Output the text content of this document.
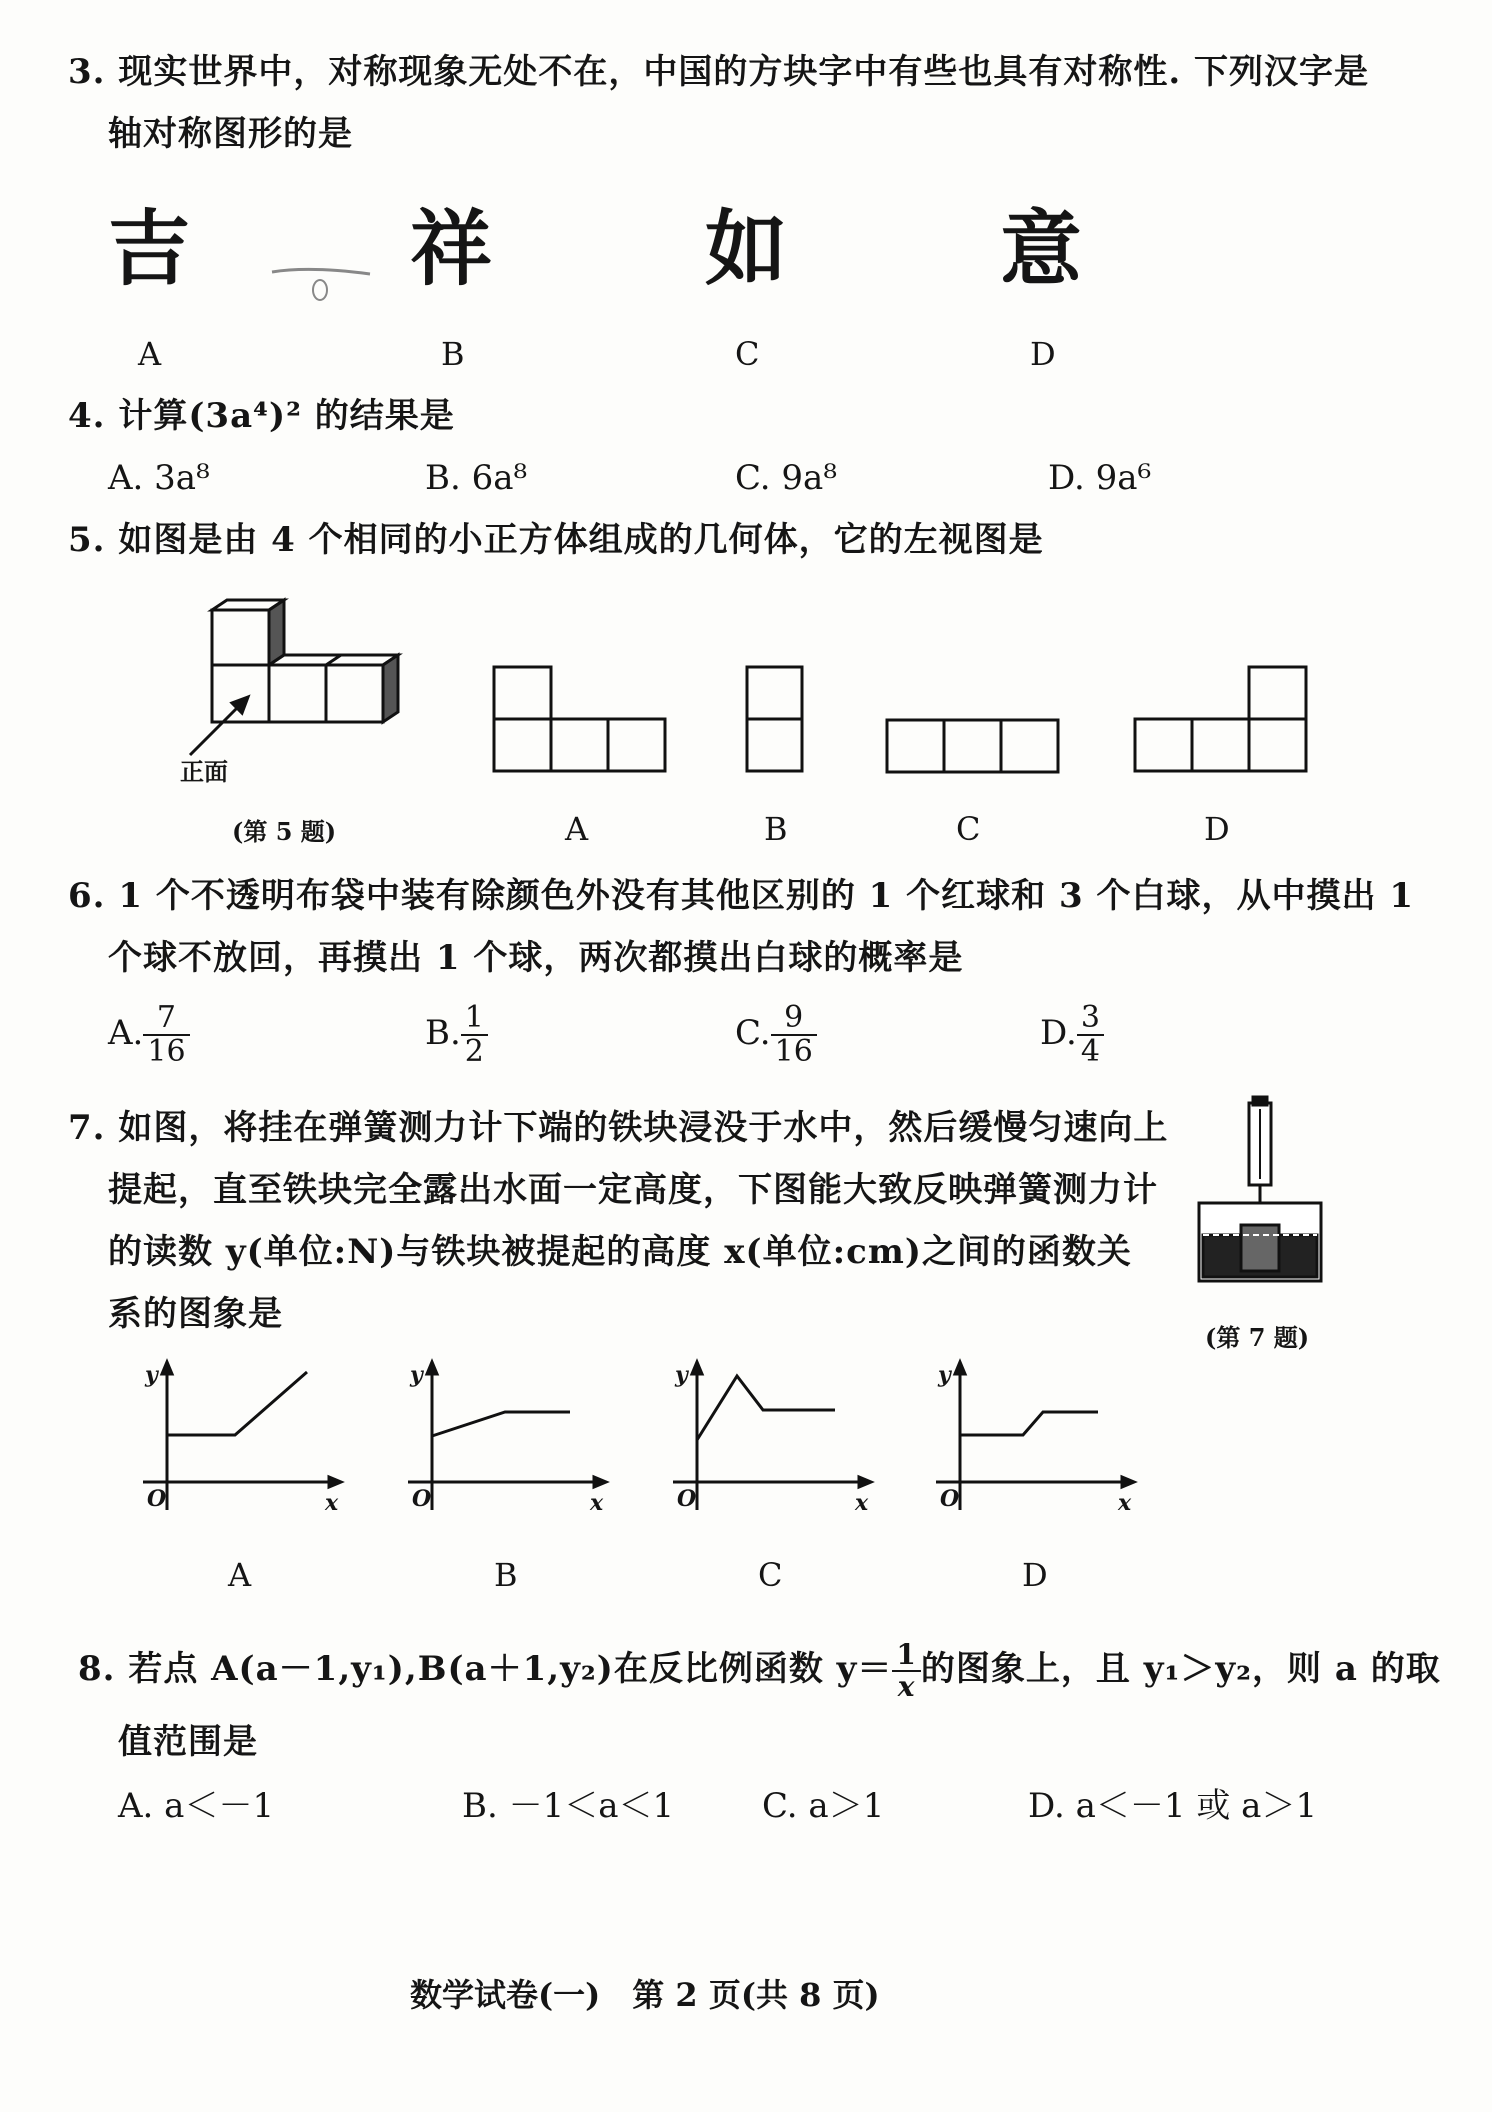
3. 现实世界中，对称现象无处不在，中国的方块字中有些也具有对称性. 下列汉字是
轴对称图形的是
吉	祥	如	意
A	B	C	D
4. 计算(3a⁴)² 的结果是
A. 3a⁸	B. 6a⁸	C. 9a⁸	D. 9a⁶
5. 如图是由 4 个相同的小正方体组成的几何体，它的左视图是
正面
(第 5 题)	A	B	C	D
6. 1 个不透明布袋中装有除颜色外没有其他区别的 1 个红球和 3 个白球，从中摸出 1
个球不放回，再摸出 1 个球，两次都摸出白球的概率是
A. $\frac{7}{16}$	B. $\frac{1}{2}$	C. $\frac{9}{16}$	D. $\frac{3}{4}$
7. 如图，将挂在弹簧测力计下端的铁块浸没于水中，然后缓慢匀速向上
提起，直至铁块完全露出水面一定高度，下图能大致反映弹簧测力计
的读数 y(单位:N)与铁块被提起的高度 x(单位:cm)之间的函数关
系的图象是
(第 7 题)
y
x
O
y
x
O
y
x
O
y
x
O
A	B	C	D
8. 若点 A(a－1,y₁),B(a＋1,y₂)在反比例函数 $y= \frac{1}{x}$ 的图象上，且 y₁＞y₂，则 a 的取
值范围是
A. a＜－1	B. －1＜a＜1	C. a＞1	D. a＜－1 或 a＞1
数学试卷(一)　第 2 页(共 8 页)
